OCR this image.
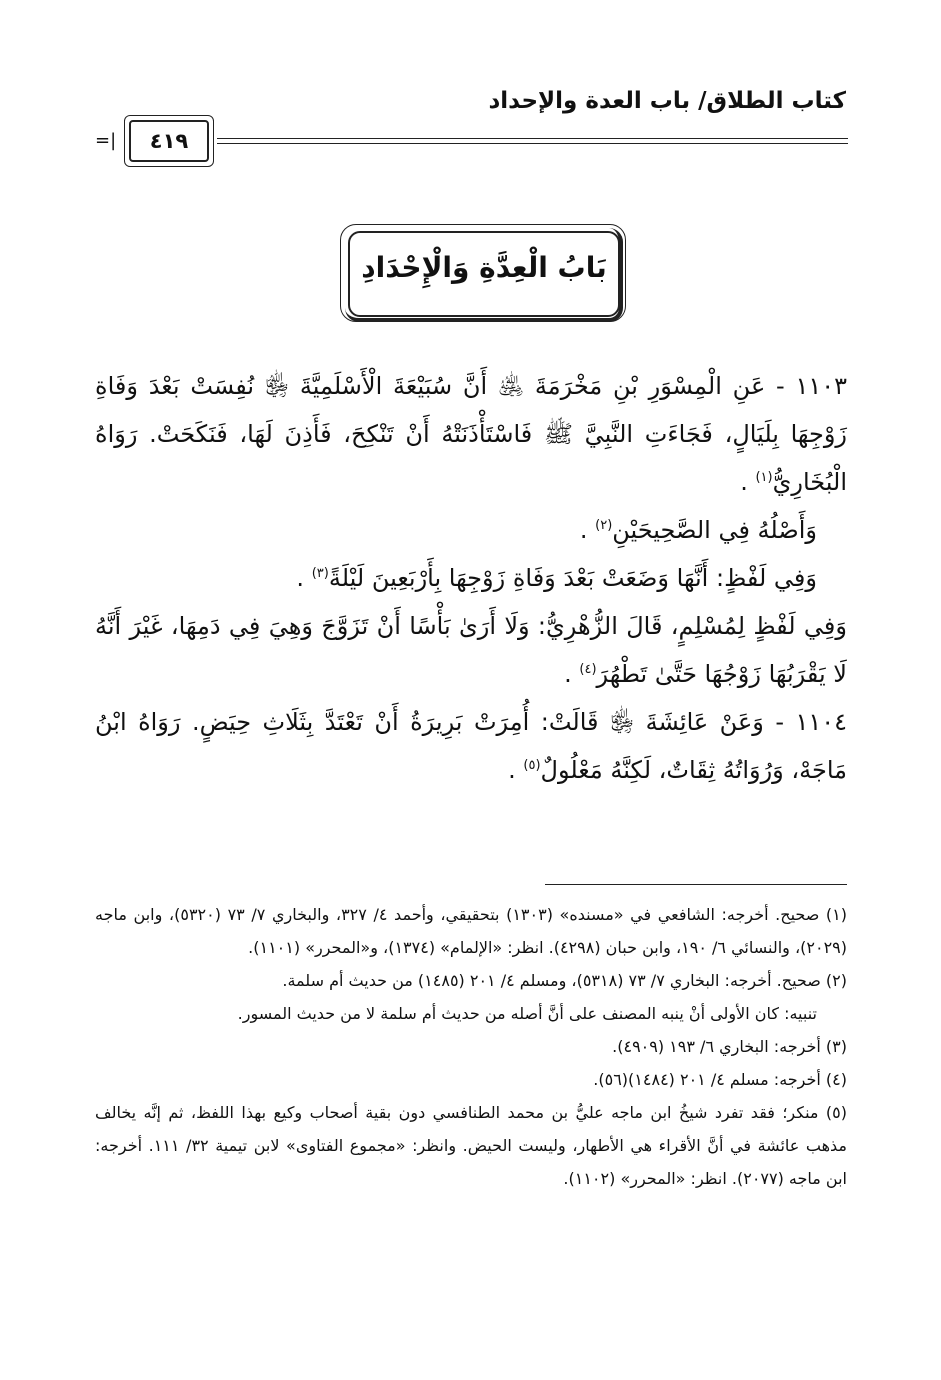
كتاب الطلاق/ باب العدة والإحداد
=|	٤١٩
بَابُ الْعِدَّةِ وَالْإِحْدَادِ

١١٠٣ - عَنِ الْمِسْوَرِ بْنِ مَخْرَمَةَ ﵁ أَنَّ سُبَيْعَةَ الْأَسْلَمِيَّةَ ﵂ نُفِسَتْ بَعْدَ وَفَاةِ زَوْجِهَا بِلَيَالٍ، فَجَاءَتِ النَّبِيَّ ﷺ فَاسْتَأْذَنَتْهُ أَنْ تَنْكِحَ، فَأَذِنَ لَهَا، فَنَكَحَتْ. رَوَاهُ الْبُخَارِيُّ$^{(١)}$ .

وَأَصْلُهُ فِي الصَّحِيحَيْنِ$^{(٢)}$ .

وَفِي لَفْظٍ: أَنَّهَا وَضَعَتْ بَعْدَ وَفَاةِ زَوْجِهَا بِأَرْبَعِينَ لَيْلَةً$^{(٣)}$ .

وَفِي لَفْظٍ لِمُسْلِمٍ، قَالَ الزُّهْرِيُّ: وَلَا أَرَىٰ بَأْسًا أَنْ تَزَوَّجَ وَهِيَ فِي دَمِهَا، غَيْرَ أَنَّهُ لَا يَقْرَبُهَا زَوْجُهَا حَتَّىٰ تَطْهُرَ$^{(٤)}$ .

١١٠٤ - وَعَنْ عَائِشَةَ ﵂ قَالَتْ: أُمِرَتْ بَرِيرَةُ أَنْ تَعْتَدَّ بِثَلَاثِ حِيَضٍ. رَوَاهُ ابْنُ مَاجَهْ، وَرُوَاتُهُ ثِقَاتٌ، لَكِنَّهُ مَعْلُولٌ$^{(٥)}$ .

(١) صحيح. أخرجه: الشافعي في «مسنده» (١٣٠٣) بتحقيقي، وأحمد ٤/ ٣٢٧، والبخاري ٧/ ٧٣ (٥٣٢٠)، وابن ماجه (٢٠٢٩)، والنسائي ٦/ ١٩٠، وابن حبان (٤٢٩٨). انظر: «الإلمام» (١٣٧٤)، و«المحرر» (١١٠١).

(٢) صحيح. أخرجه: البخاري ٧/ ٧٣ (٥٣١٨)، ومسلم ٤/ ٢٠١ (١٤٨٥) من حديث أم سلمة.

تنبيه: كان الأولى أنْ ينبه المصنف على أنَّ أصله من حديث أم سلمة لا من حديث المسور.

(٣) أخرجه: البخاري ٦/ ١٩٣ (٤٩٠٩).

(٤) أخرجه: مسلم ٤/ ٢٠١ (١٤٨٤)(٥٦).

(٥) منكر؛ فقد تفرد شيخُ ابن ماجه عليُّ بن محمد الطنافسي دون بقية أصحاب وكيع بهذا اللفظ، ثم إنَّه يخالف مذهب عائشة في أنَّ الأقراء هي الأطهار، وليست الحيض. وانظر: «مجموع الفتاوى» لابن تيمية ٣٢/ ١١١. أخرجه: ابن ماجه (٢٠٧٧). انظر: «المحرر» (١١٠٢).
